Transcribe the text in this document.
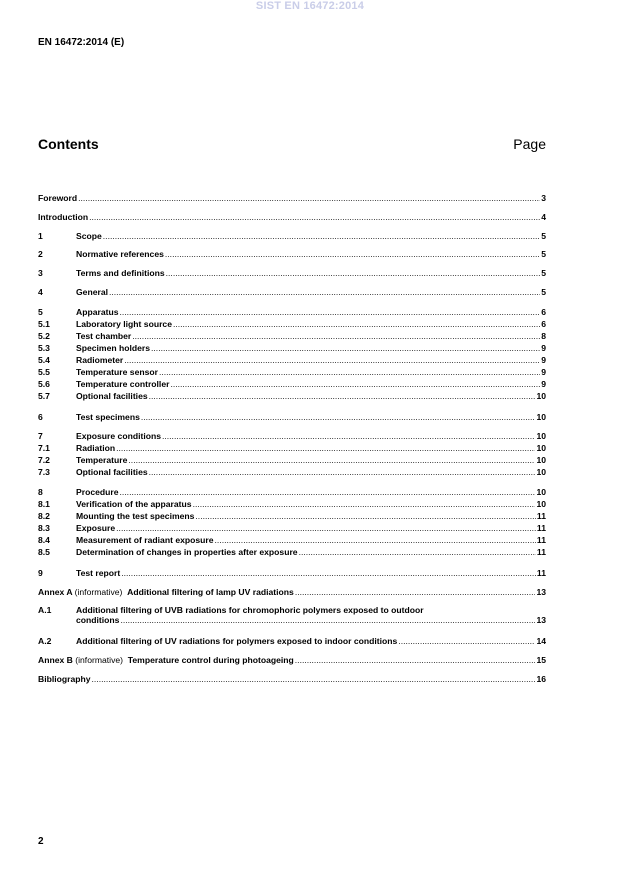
SIST EN 16472:2014
EN 16472:2014 (E)
Contents	Page
Foreword .....	3
Introduction .....	4
1	Scope .....	5
2	Normative references .....	5
3	Terms and definitions .....	5
4	General .....	5
5	Apparatus .....	6
5.1	Laboratory light source .....	6
5.2	Test chamber .....	8
5.3	Specimen holders .....	9
5.4	Radiometer .....	9
5.5	Temperature sensor .....	9
5.6	Temperature controller .....	9
5.7	Optional facilities .....	10
6	Test specimens .....	10
7	Exposure conditions .....	10
7.1	Radiation .....	10
7.2	Temperature .....	10
7.3	Optional facilities .....	10
8	Procedure .....	10
8.1	Verification of the apparatus .....	10
8.2	Mounting the test specimens .....	11
8.3	Exposure .....	11
8.4	Measurement of radiant exposure .....	11
8.5	Determination of changes in properties after exposure .....	11
9	Test report .....	11
Annex A (informative) Additional filtering of lamp UV radiations .....	13
A.1	Additional filtering of UVB radiations for chromophoric polymers exposed to outdoor
conditions .....	13
A.2	Additional filtering of UV radiations for polymers exposed to indoor conditions .....	14
Annex B (informative) Temperature control during photoageing .....	15
Bibliography .....	16
2
